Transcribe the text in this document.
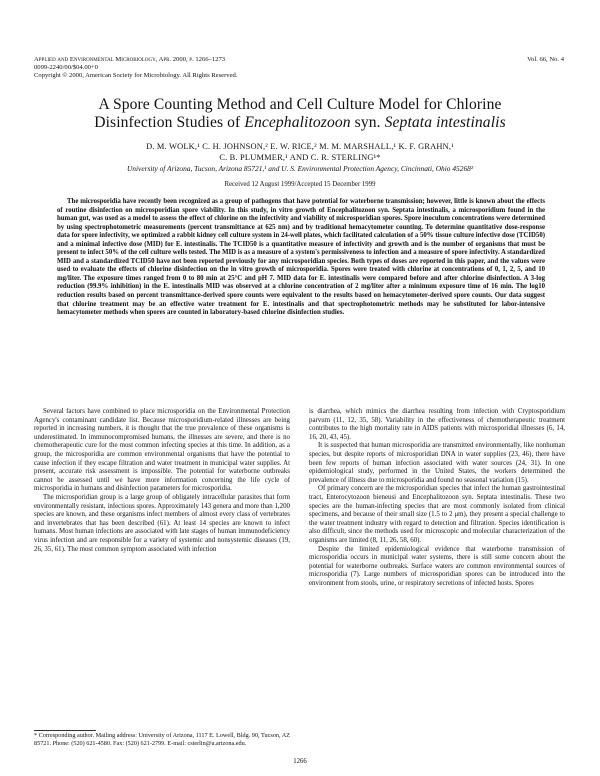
Applied and Environmental Microbiology, Apr. 2000, p. 1266–1273
0099-2240/00/$04.00+0
Copyright © 2000, American Society for Microbiology. All Rights Reserved.
Vol. 66, No. 4
A Spore Counting Method and Cell Culture Model for Chlorine
Disinfection Studies of Encephalitozoon syn. Septata intestinalis
D. M. WOLK,¹ C. H. JOHNSON,² E. W. RICE,² M. M. MARSHALL,¹ K. F. GRAHN,¹
C. B. PLUMMER,¹ AND C. R. STERLING¹*
University of Arizona, Tucson, Arizona 85721,¹ and U. S. Environmental Protection Agency, Cincinnati, Ohio 45268²
Received 12 August 1999/Accepted 15 December 1999

The microsporidia have recently been recognized as a group of pathogens that have potential for waterborne transmission; however, little is known about the effects of routine disinfection on microsporidian spore viability. In this study, in vitro growth of Encephalitozoon syn. Septata intestinalis, a microsporidium found in the human gut, was used as a model to assess the effect of chlorine on the infectivity and viability of microsporidian spores. Spore inoculum concentrations were determined by using spectrophotometric measurements (percent transmittance at 625 nm) and by traditional hemacytometer counting. To determine quantitative dose-response data for spore infectivity, we optimized a rabbit kidney cell culture system in 24-well plates, which facilitated calculation of a 50% tissue culture infective dose (TCID50) and a minimal infective dose (MID) for E. intestinalis. The TCID50 is a quantitative measure of infectivity and growth and is the number of organisms that must be present to infect 50% of the cell culture wells tested. The MID is as a measure of a system's permissiveness to infection and a measure of spore infectivity. A standardized MID and a standardized TCID50 have not been reported previously for any microsporidian species. Both types of doses are reported in this paper, and the values were used to evaluate the effects of chlorine disinfection on the in vitro growth of microsporidia. Spores were treated with chlorine at concentrations of 0, 1, 2, 5, and 10 mg/liter. The exposure times ranged from 0 to 80 min at 25°C and pH 7. MID data for E. intestinalis were compared before and after chlorine disinfection. A 3-log reduction (99.9% inhibition) in the E. intestinalis MID was observed at a chlorine concentration of 2 mg/liter after a minimum exposure time of 16 min. The log10 reduction results based on percent transmittance-derived spore counts were equivalent to the results based on hemacytometer-derived spore counts. Our data suggest that chlorine treatment may be an effective water treatment for E. intestinalis and that spectrophotometric methods may be substituted for labor-intensive hemacytometer methods when spores are counted in laboratory-based chlorine disinfection studies.

Several factors have combined to place microsporidia on the Environmental Protection Agency's contaminant candidate list. Because microsporidium-related illnesses are being reported in increasing numbers, it is thought that the true prevalence of these organisms is underestimated. In immunocompromised humans, the illnesses are severe, and there is no chemotherapeutic cure for the most common infecting species at this time. In addition, as a group, the microsporidia are common environmental organisms that have the potential to cause infection if they escape filtration and water treatment in municipal water supplies. At present, accurate risk assessment is impossible. The potential for waterborne outbreaks cannot be assessed until we have more information concerning the life cycle of microsporidia in humans and disinfection parameters for microsporidia.

The microsporidian group is a large group of obligately intracellular parasites that form environmentally resistant, infectious spores. Approximately 143 genera and more than 1,200 species are known, and these organisms infect members of almost every class of vertebrates and invertebrates that has been described (61). At least 14 species are known to infect humans. Most human infections are associated with late stages of human immunodeficiency virus infection and are responsible for a variety of systemic and nonsystemic diseases (19, 26, 35, 61). The most common symptom associated with infection

is diarrhea, which mimics the diarrhea resulting from infection with Cryptosporidium parvum (11, 12, 35, 58). Variability in the effectiveness of chemotherapeutic treatment contributes to the high mortality rate in AIDS patients with microsporidial illnesses (6, 14, 16, 20, 43, 45).

It is suspected that human microsporidia are transmitted environmentally, like nonhuman species, but despite reports of microsporidian DNA in water supplies (23, 46), there have been few reports of human infection associated with water sources (24, 31). In one epidemiological study, performed in the United States, the workers determined the prevalence of illness due to microsporidia and found no seasonal variation (15).

Of primary concern are the microsporidian species that infect the human gastrointestinal tract, Enterocytozoon bieneusi and Encephalitozoon syn. Septata intestinalis. These two species are the human-infecting species that are most commonly isolated from clinical specimens, and because of their small size (1.5 to 2 μm), they present a special challenge to the water treatment industry with regard to detection and filtration. Species identification is also difficult, since the methods used for microscopic and molecular characterization of the organisms are limited (8, 11, 26, 58, 60).

Despite the limited epidemiological evidence that waterborne transmission of microsporidia occurs in municipal water systems, there is still some concern about the potential for waterborne outbreaks. Surface waters are common environmental sources of microsporidia (7). Large numbers of microsporidian spores can be introduced into the environment from stools, urine, or respiratory secretions of infected hosts. Spores

* Corresponding author. Mailing address: University of Arizona, 1117 E. Lowell, Bldg. 90, Tucson, AZ 85721. Phone: (520) 621-4580. Fax: (520) 621-2799. E-mail: csterlin@u.arizona.edu.
1266
